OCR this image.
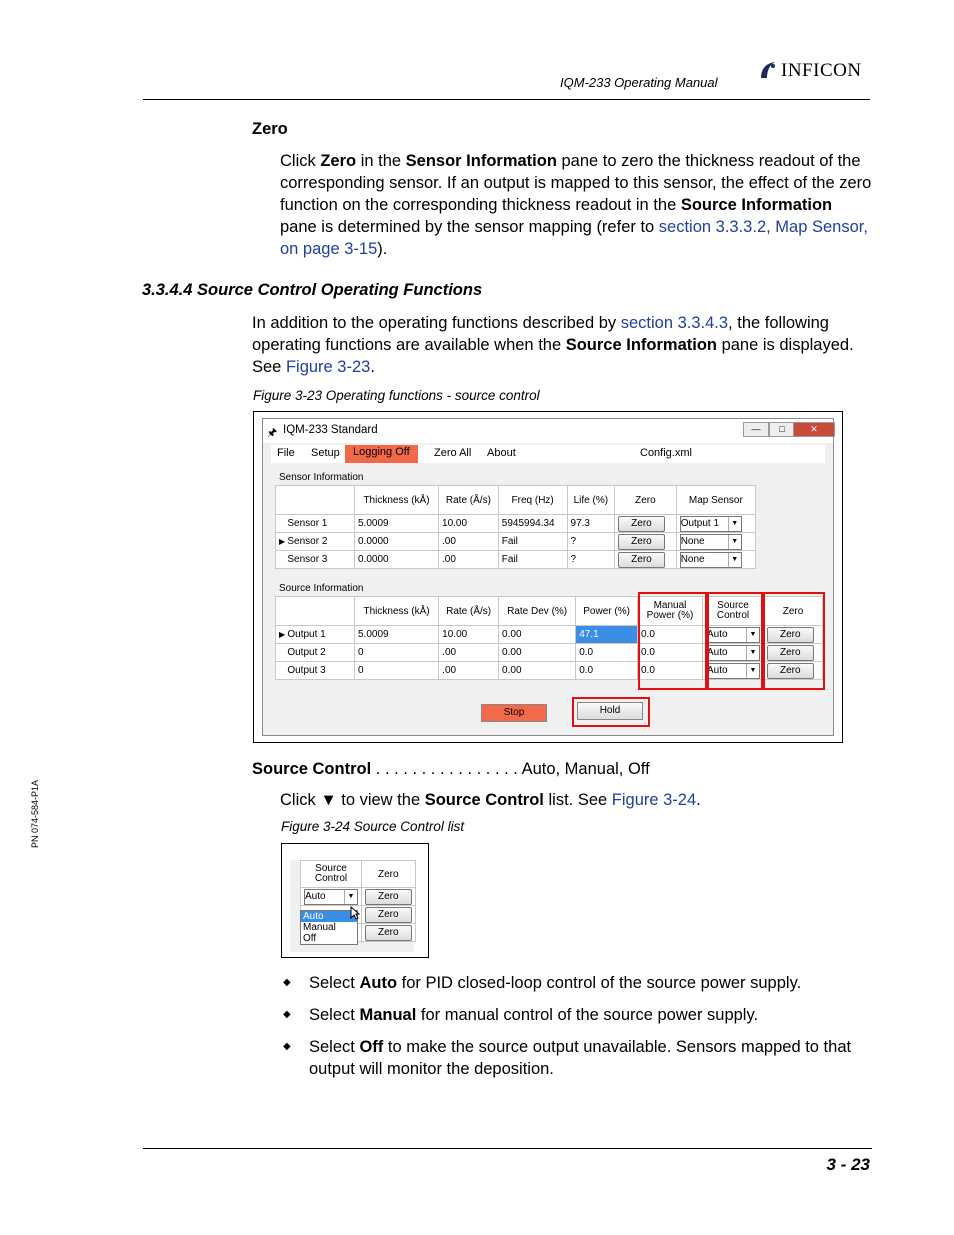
IQM-233 Operating Manual
INFICON
Zero
Click Zero in the Sensor Information pane to zero the thickness readout of the corresponding sensor. If an output is mapped to this sensor, the effect of the zero function on the corresponding thickness readout in the Source Information pane is determined by the sensor mapping (refer to section 3.3.3.2, Map Sensor, on page 3-15).
3.3.4.4 Source Control Operating Functions
In addition to the operating functions described by section 3.3.4.3, the following operating functions are available when the Source Information pane is displayed. See Figure 3-23.
Figure 3-23 Operating functions - source control
🖈 IQM-233 Standard	—	□	✕
File Setup	Logging Off	Zero All About	Config.xml
Sensor Information
	Thickness (kÅ)	Rate (Å/s)	Freq (Hz)	Life (%)	Zero	Map Sensor
Sensor 1	5.0009	10.00	5945994.34	97.3	Zero	Output 1 ▼

▶ Sensor 2	0.0000	.00	Fail	?	Zero	None ▼

Sensor 3	0.0000	.00	Fail	?	Zero	None ▼
Source Information
	Thickness (kÅ)	Rate (Å/s)	Rate Dev (%)	Power (%)	Manual Power (%)	Source Control	Zero
▶ Output 1	5.0009	10.00	0.00	47.1	0.0	Auto ▼	Zero
Output 2	0	.00	0.00	0.0	0.0	Auto ▼	Zero
Output 3	0	.00	0.00	0.0	0.0	Auto ▼	Zero
Stop	Hold
Source Control . . . . . . . . . . . . . . . . Auto, Manual, Off
Click ▼ to view the Source Control list. See Figure 3-24.
Figure 3-24 Source Control list
Source Control	Zero
Auto ▼	Zero
	Zero
	Zero
Auto
Manual
Off
◆ Select Auto for PID closed-loop control of the source power supply.
◆ Select Manual for manual control of the source power supply.
◆ Select Off to make the source output unavailable. Sensors mapped to that output will monitor the deposition.
PN 074-584-P1A
3 - 23
